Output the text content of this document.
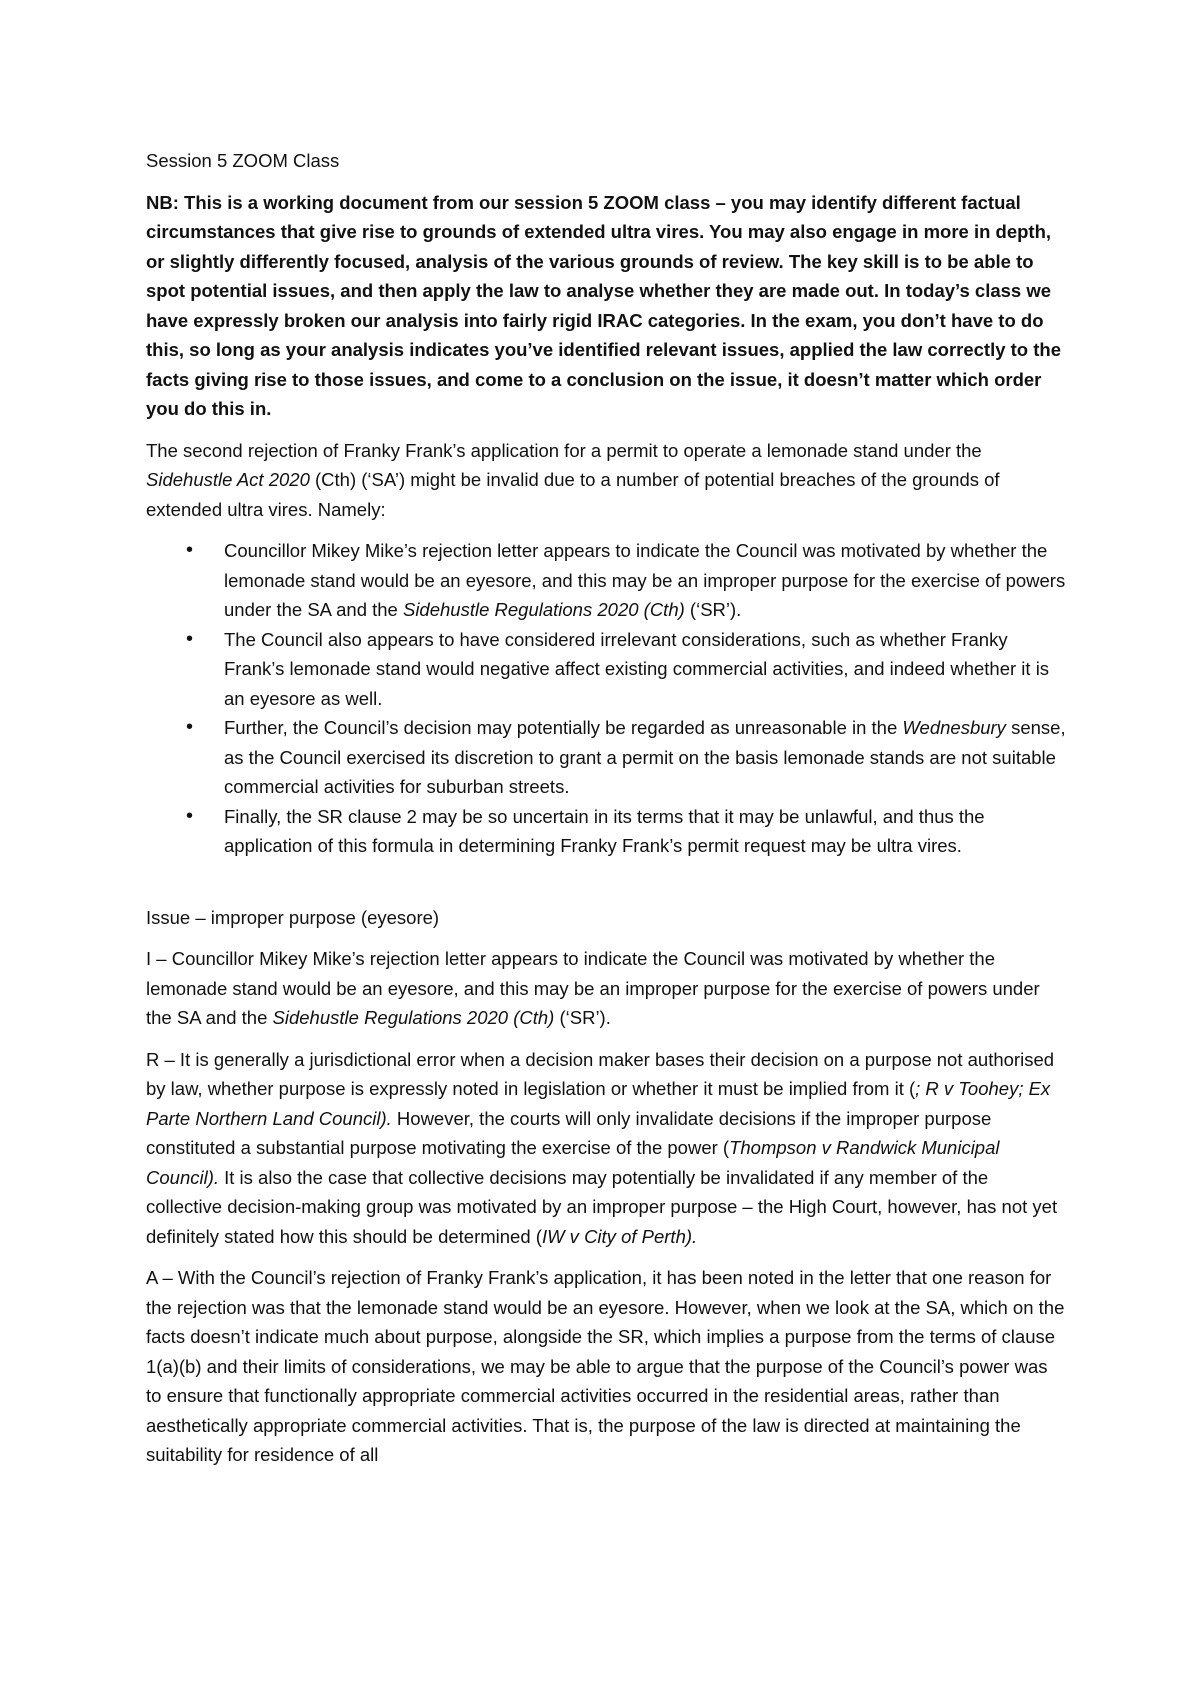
Session 5 ZOOM Class

NB: This is a working document from our session 5 ZOOM class – you may identify different factual circumstances that give rise to grounds of extended ultra vires. You may also engage in more in depth, or slightly differently focused, analysis of the various grounds of review. The key skill is to be able to spot potential issues, and then apply the law to analyse whether they are made out. In today’s class we have expressly broken our analysis into fairly rigid IRAC categories. In the exam, you don’t have to do this, so long as your analysis indicates you’ve identified relevant issues, applied the law correctly to the facts giving rise to those issues, and come to a conclusion on the issue, it doesn’t matter which order you do this in.

The second rejection of Franky Frank’s application for a permit to operate a lemonade stand under the Sidehustle Act 2020 (Cth) (‘SA’) might be invalid due to a number of potential breaches of the grounds of extended ultra vires. Namely:

• Councillor Mikey Mike’s rejection letter appears to indicate the Council was motivated by whether the lemonade stand would be an eyesore, and this may be an improper purpose for the exercise of powers under the SA and the Sidehustle Regulations 2020 (Cth) (‘SR’).
• The Council also appears to have considered irrelevant considerations, such as whether Franky Frank’s lemonade stand would negative affect existing commercial activities, and indeed whether it is an eyesore as well.
• Further, the Council’s decision may potentially be regarded as unreasonable in the Wednesbury sense, as the Council exercised its discretion to grant a permit on the basis lemonade stands are not suitable commercial activities for suburban streets.
• Finally, the SR clause 2 may be so uncertain in its terms that it may be unlawful, and thus the application of this formula in determining Franky Frank’s permit request may be ultra vires.

Issue – improper purpose (eyesore)

I – Councillor Mikey Mike’s rejection letter appears to indicate the Council was motivated by whether the lemonade stand would be an eyesore, and this may be an improper purpose for the exercise of powers under the SA and the Sidehustle Regulations 2020 (Cth) (‘SR’).

R – It is generally a jurisdictional error when a decision maker bases their decision on a purpose not authorised by law, whether purpose is expressly noted in legislation or whether it must be implied from it (; R v Toohey; Ex Parte Northern Land Council). However, the courts will only invalidate decisions if the improper purpose constituted a substantial purpose motivating the exercise of the power (Thompson v Randwick Municipal Council). It is also the case that collective decisions may potentially be invalidated if any member of the collective decision-making group was motivated by an improper purpose – the High Court, however, has not yet definitely stated how this should be determined (IW v City of Perth).

A – With the Council’s rejection of Franky Frank’s application, it has been noted in the letter that one reason for the rejection was that the lemonade stand would be an eyesore. However, when we look at the SA, which on the facts doesn’t indicate much about purpose, alongside the SR, which implies a purpose from the terms of clause 1(a)(b) and their limits of considerations, we may be able to argue that the purpose of the Council’s power was to ensure that functionally appropriate commercial activities occurred in the residential areas, rather than aesthetically appropriate commercial activities. That is, the purpose of the law is directed at maintaining the suitability for residence of all
